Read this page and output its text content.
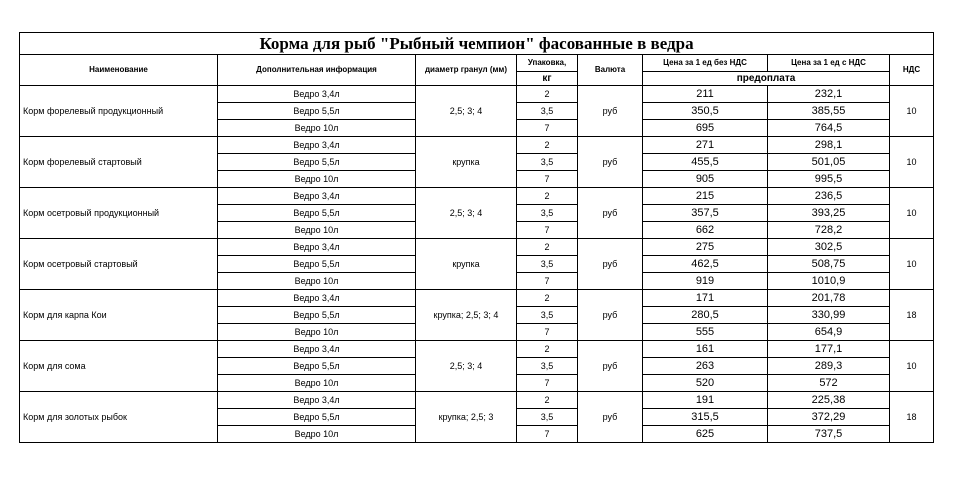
Корма для рыб "Рыбный чемпион" фасованные в ведра							
Наименование	Дополнительная информация	диаметр гранул (мм)	Упаковка,	Валюта	Цена за 1 ед без НДС	Цена за 1 ед с НДС	НДС
			кг		предоплата		
Корм форелевый продукционный	Ведро 3,4л	2,5; 3; 4	2	руб	211	232,1	10
	Ведро 5,5л		3,5		350,5	385,55	
	Ведро 10л		7		695	764,5	
Корм форелевый стартовый	Ведро 3,4л	крупка	2	руб	271	298,1	10
	Ведро 5,5л		3,5		455,5	501,05	
	Ведро 10л		7		905	995,5	
Корм осетровый продукционный	Ведро 3,4л	2,5; 3; 4	2	руб	215	236,5	10
	Ведро 5,5л		3,5		357,5	393,25	
	Ведро 10л		7		662	728,2	
Корм осетровый стартовый	Ведро 3,4л	крупка	2	руб	275	302,5	10
	Ведро 5,5л		3,5		462,5	508,75	
	Ведро 10л		7		919	1010,9	
Корм для карпа Кои	Ведро 3,4л	крупка; 2,5; 3; 4	2	руб	171	201,78	18
	Ведро 5,5л		3,5		280,5	330,99	
	Ведро 10л		7		555	654,9	
Корм для сома	Ведро 3,4л	2,5; 3; 4	2	руб	161	177,1	10
	Ведро 5,5л		3,5		263	289,3	
	Ведро 10л		7		520	572	
Корм для золотых рыбок	Ведро 3,4л	крупка; 2,5; 3	2	руб	191	225,38	18
	Ведро 5,5л		3,5		315,5	372,29	
	Ведро 10л		7		625	737,5	
